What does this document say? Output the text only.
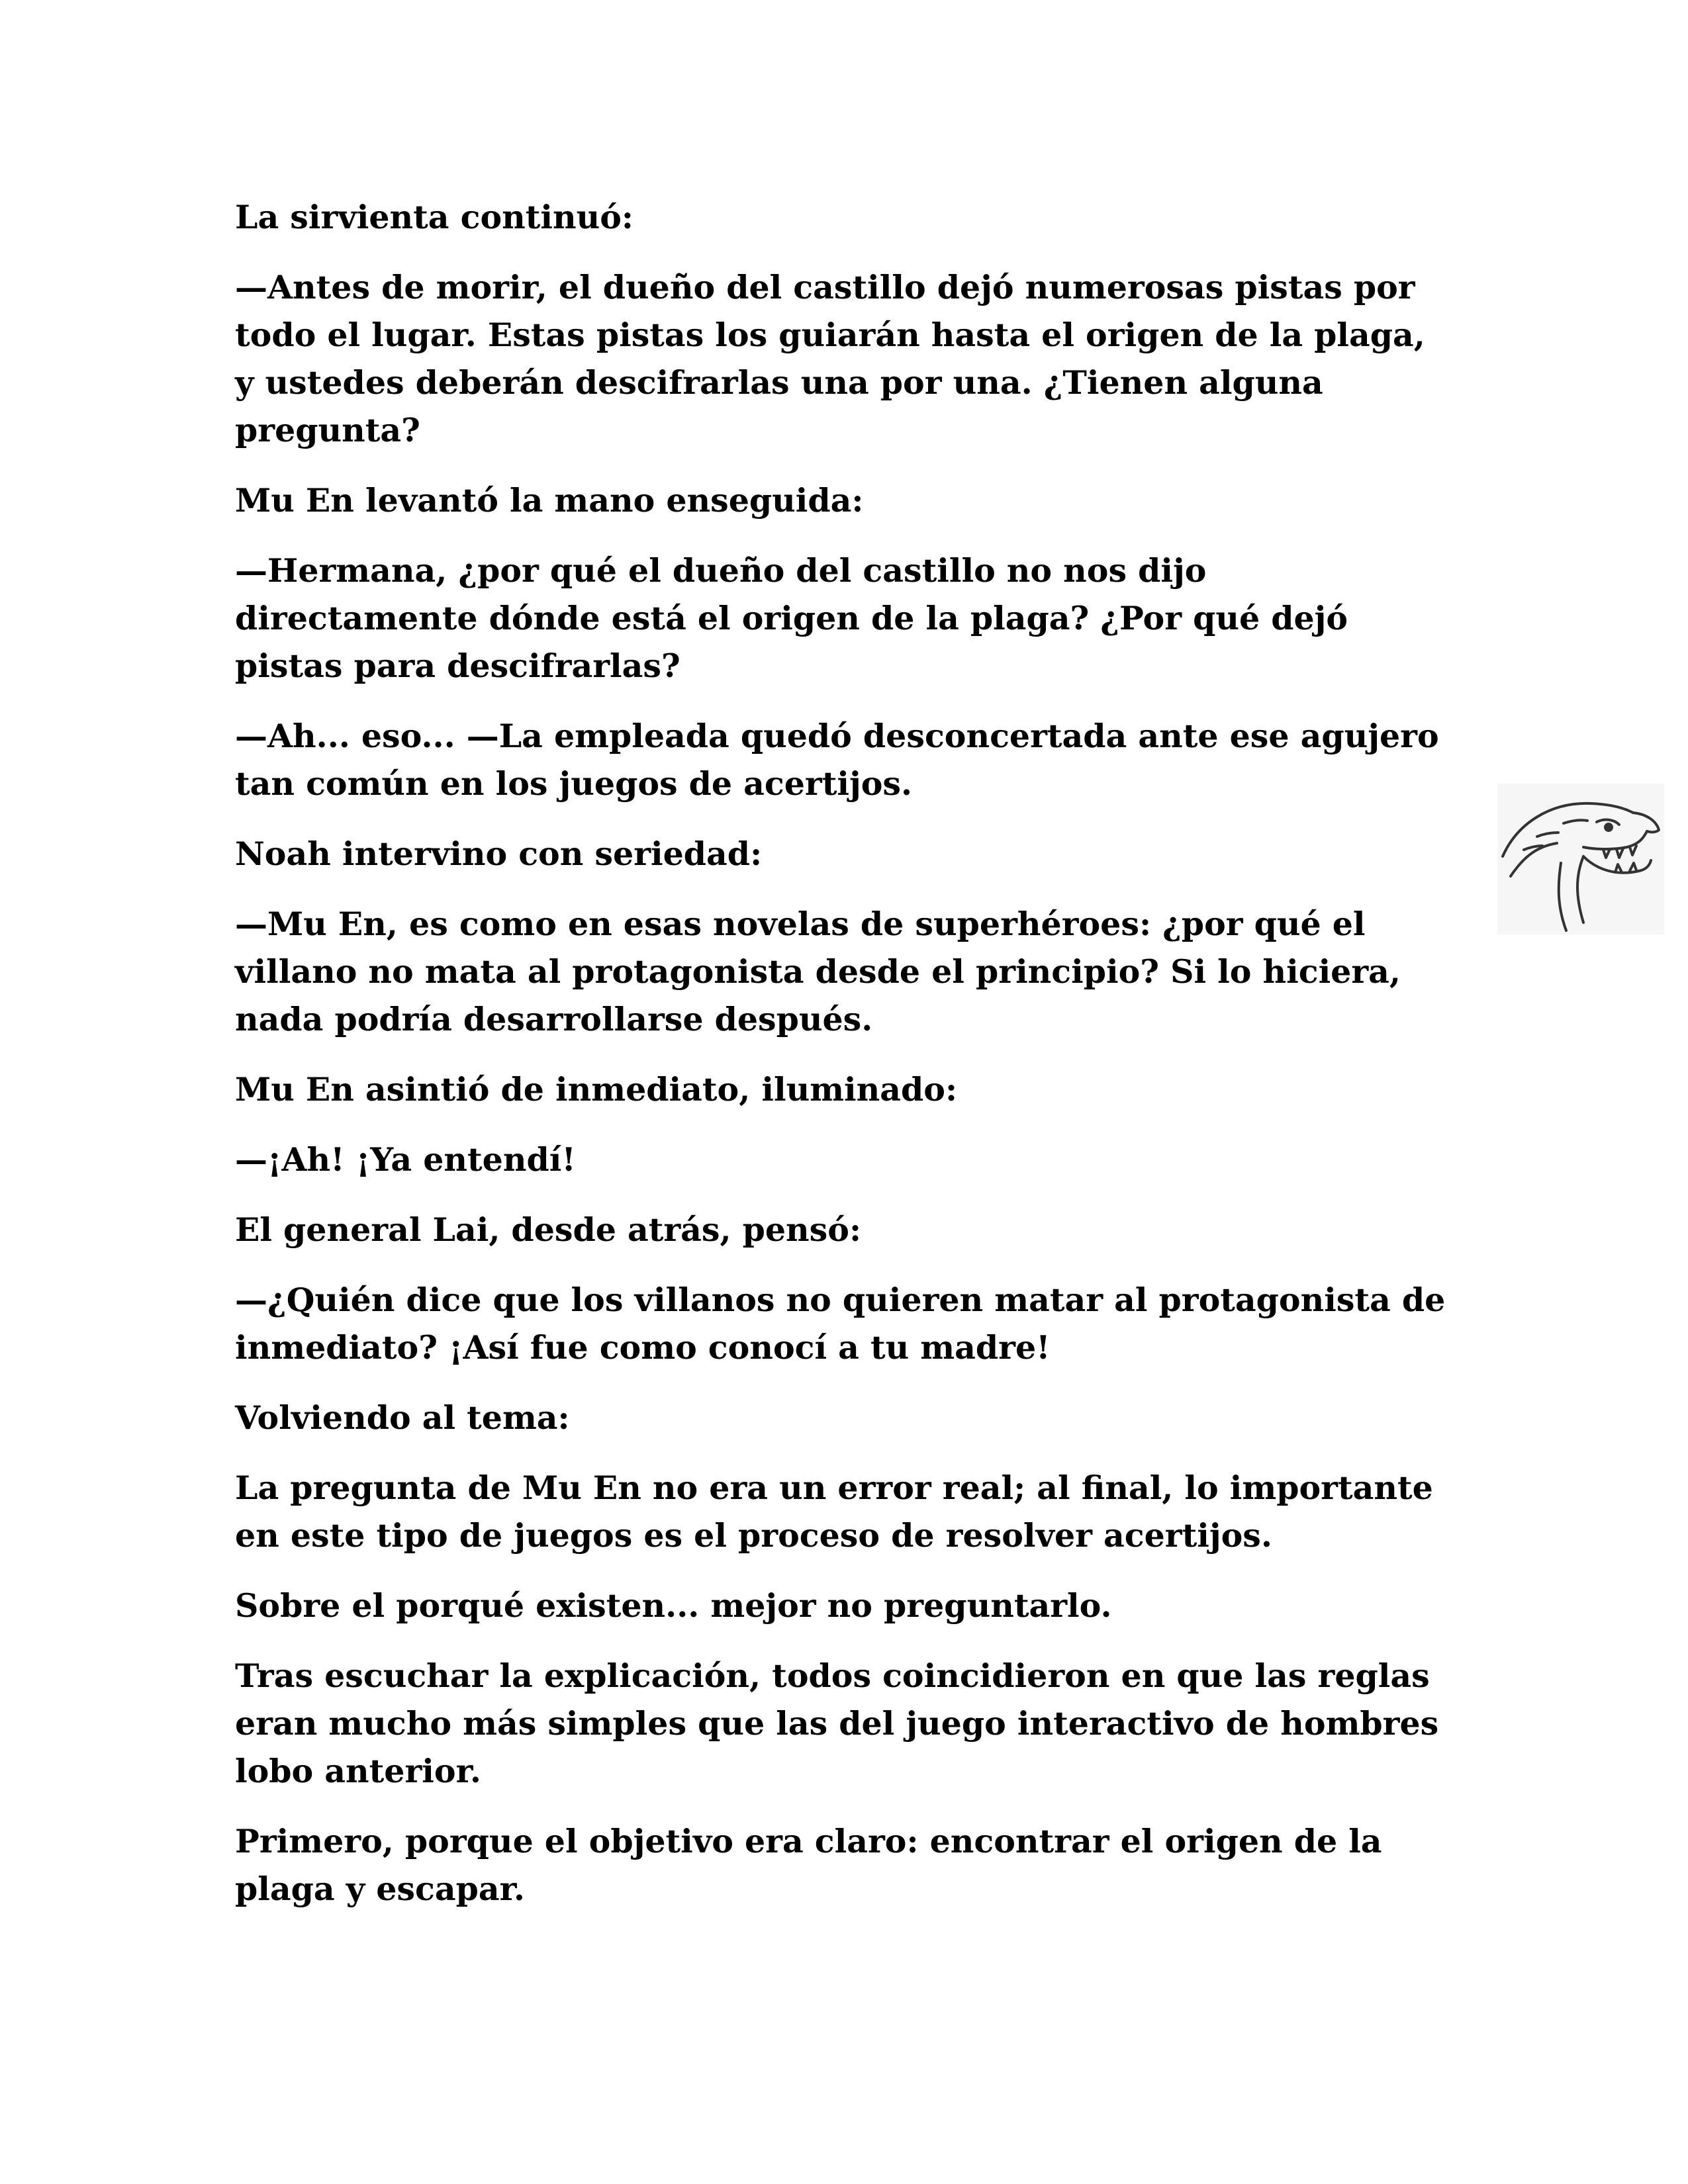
La sirvienta continuó:

—Antes de morir, el dueño del castillo dejó numerosas pistas por todo el lugar. Estas pistas los guiarán hasta el origen de la plaga, y ustedes deberán descifrarlas una por una. ¿Tienen alguna pregunta?

Mu En levantó la mano enseguida:

—Hermana, ¿por qué el dueño del castillo no nos dijo directamente dónde está el origen de la plaga? ¿Por qué dejó pistas para descifrarlas?

—Ah... eso... —La empleada quedó desconcertada ante ese agujero tan común en los juegos de acertijos.

Noah intervino con seriedad:

—Mu En, es como en esas novelas de superhéroes: ¿por qué el villano no mata al protagonista desde el principio? Si lo hiciera, nada podría desarrollarse después.

Mu En asintió de inmediato, iluminado:

—¡Ah! ¡Ya entendí!

El general Lai, desde atrás, pensó:

—¿Quién dice que los villanos no quieren matar al protagonista de inmediato? ¡Así fue como conocí a tu madre!

Volviendo al tema:

La pregunta de Mu En no era un error real; al final, lo importante en este tipo de juegos es el proceso de resolver acertijos.

Sobre el porqué existen... mejor no preguntarlo.

Tras escuchar la explicación, todos coincidieron en que las reglas eran mucho más simples que las del juego interactivo de hombres lobo anterior.

Primero, porque el objetivo era claro: encontrar el origen de la plaga y escapar.
